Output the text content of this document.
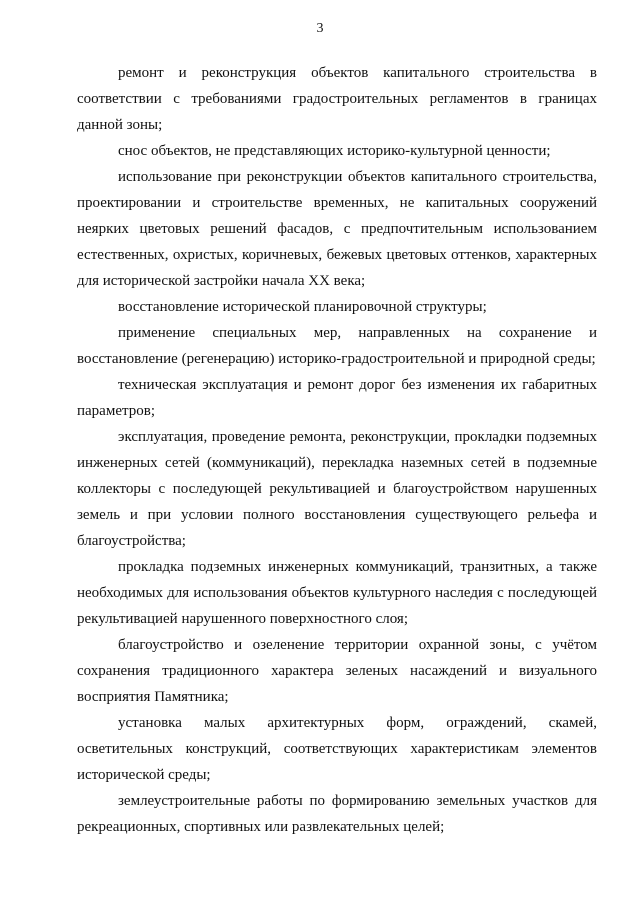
3

ремонт и реконструкция объектов капитального строительства в соответствии с требованиями градостроительных регламентов в границах данной зоны;

снос объектов, не представляющих историко-культурной ценности;

использование при реконструкции объектов капитального строительства, проектировании и строительстве временных, не капитальных сооружений неярких цветовых решений фасадов, с предпочтительным использованием естественных, охристых, коричневых, бежевых цветовых оттенков, характерных для исторической застройки начала XX века;

восстановление исторической планировочной структуры;

применение специальных мер, направленных на сохранение и восстановление (регенерацию) историко-градостроительной и природной среды;

техническая эксплуатация и ремонт дорог без изменения их габаритных параметров;

эксплуатация, проведение ремонта, реконструкции, прокладки подземных инженерных сетей (коммуникаций), перекладка наземных сетей в подземные коллекторы с последующей рекультивацией и благоустройством нарушенных земель и при условии полного восстановления существующего рельефа и благоустройства;

прокладка подземных инженерных коммуникаций, транзитных, а также необходимых для использования объектов культурного наследия с последующей рекультивацией нарушенного поверхностного слоя;

благоустройство и озеленение территории охранной зоны, с учётом сохранения традиционного характера зеленых насаждений и визуального восприятия Памятника;

установка малых архитектурных форм, ограждений, скамей, осветительных конструкций, соответствующих характеристикам элементов исторической среды;

землеустроительные работы по формированию земельных участков для рекреационных, спортивных или развлекательных целей;
